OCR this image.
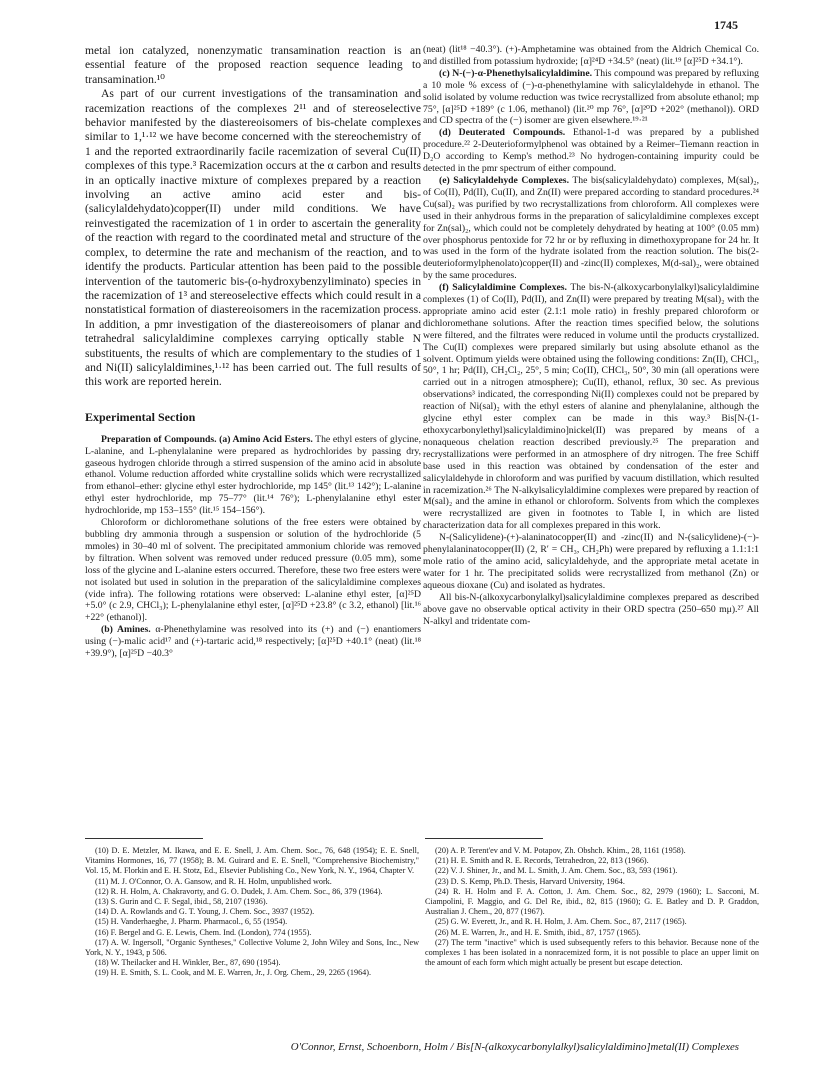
1745

metal ion catalyzed, nonenzymatic transamination reaction is an essential feature of the proposed reaction sequence leading to transamination.¹⁰

As part of our current investigations of the transamination and racemization reactions of the complexes 2¹¹ and of stereoselective behavior manifested by the diastereoisomers of bis-chelate complexes similar to 1,¹·¹² we have become concerned with the stereochemistry of 1 and the reported extraordinarily facile racemization of several Cu(II) complexes of this type.³ Racemization occurs at the α carbon and results in an optically inactive mixture of complexes prepared by a reaction involving an active amino acid ester and bis-(salicylaldehydato)copper(II) under mild conditions. We have reinvestigated the racemization of 1 in order to ascertain the generality of the reaction with regard to the coordinated metal and structure of the complex, to determine the rate and mechanism of the reaction, and to identify the products. Particular attention has been paid to the possible intervention of the tautomeric bis-(o-hydroxybenzyliminato) species in the racemization of 1³ and stereoselective effects which could result in a nonstatistical formation of diastereoisomers in the racemization process. In addition, a pmr investigation of the diastereoisomers of planar and tetrahedral salicylaldimine complexes carrying optically stable N substituents, the results of which are complementary to the studies of 1 and Ni(II) salicylaldimines,¹·¹² has been carried out. The full results of this work are reported herein.

Experimental Section

Preparation of Compounds. (a) Amino Acid Esters. The ethyl esters of glycine, L-alanine, and L-phenylalanine were prepared as hydrochlorides by passing dry, gaseous hydrogen chloride through a stirred suspension of the amino acid in absolute ethanol. Volume reduction afforded white crystalline solids which were recrystallized from ethanol–ether: glycine ethyl ester hydrochloride, mp 145° (lit.¹³ 142°); L-alanine ethyl ester hydrochloride, mp 75–77° (lit.¹⁴ 76°); L-phenylalanine ethyl ester hydrochloride, mp 153–155° (lit.¹⁵ 154–156°).

Chloroform or dichloromethane solutions of the free esters were obtained by bubbling dry ammonia through a suspension or solution of the hydrochloride (5 mmoles) in 30–40 ml of solvent. The precipitated ammonium chloride was removed by filtration. When solvent was removed under reduced pressure (0.05 mm), some loss of the glycine and L-alanine esters occurred. Therefore, these two free esters were not isolated but used in solution in the preparation of the salicylaldimine complexes (vide infra). The following rotations were observed: L-alanine ethyl ester, [α]²⁵D +5.0° (c 2.9, CHCl₃); L-phenylalanine ethyl ester, [α]²⁵D +23.8° (c 3.2, ethanol) [lit.¹⁶ +22° (ethanol)].

(b) Amines. α-Phenethylamine was resolved into its (+) and (−) enantiomers using (−)-malic acid¹⁷ and (+)-tartaric acid,¹⁸ respectively; [α]²⁵D +40.1° (neat) (lit.¹⁸ +39.9°), [α]²⁵D −40.3°

(neat) (lit¹⁸ −40.3°). (+)-Amphetamine was obtained from the Aldrich Chemical Co. and distilled from potassium hydroxide; [α]²⁴D +34.5° (neat) (lit.¹⁹ [α]²⁵D +34.1°).

(c) N-(−)-α-Phenethylsalicylaldimine. This compound was prepared by refluxing a 10 mole % excess of (−)-α-phenethylamine with salicylaldehyde in ethanol. The solid isolated by volume reduction was twice recrystallized from absolute ethanol; mp 75°, [α]²⁵D +189° (c 1.06, methanol) (lit.²⁰ mp 76°, [α]²⁰D +202° (methanol)). ORD and CD spectra of the (−) isomer are given elsewhere.¹⁹·²¹

(d) Deuterated Compounds. Ethanol-1-d was prepared by a published procedure.²² 2-Deuterioformylphenol was obtained by a Reimer–Tiemann reaction in D₂O according to Kemp's method.²³ No hydrogen-containing impurity could be detected in the pmr spectrum of either compound.

(e) Salicylaldehyde Complexes. The bis(salicylaldehydato) complexes, M(sal)₂, of Co(II), Pd(II), Cu(II), and Zn(II) were prepared according to standard procedures.²⁴ Cu(sal)₂ was purified by two recrystallizations from chloroform. All complexes were used in their anhydrous forms in the preparation of salicylaldimine complexes except for Zn(sal)₂, which could not be completely dehydrated by heating at 100° (0.05 mm) over phosphorus pentoxide for 72 hr or by refluxing in dimethoxypropane for 24 hr. It was used in the form of the hydrate isolated from the reaction solution. The bis(2-deuterioformylphenolato)copper(II) and -zinc(II) complexes, M(d-sal)₂, were obtained by the same procedures.

(f) Salicylaldimine Complexes. The bis-N-(alkoxycarbonylalkyl)salicylaldimine complexes (1) of Co(II), Pd(II), and Zn(II) were prepared by treating M(sal)₂ with the appropriate amino acid ester (2.1:1 mole ratio) in freshly prepared chloroform or dichloromethane solutions. After the reaction times specified below, the solutions were filtered, and the filtrates were reduced in volume until the products crystallized. The Cu(II) complexes were prepared similarly but using absolute ethanol as the solvent. Optimum yields were obtained using the following conditions: Zn(II), CHCl₃, 50°, 1 hr; Pd(II), CH₂Cl₂, 25°, 5 min; Co(II), CHCl₃, 50°, 30 min (all operations were carried out in a nitrogen atmosphere); Cu(II), ethanol, reflux, 30 sec. As previous observations³ indicated, the corresponding Ni(II) complexes could not be prepared by reaction of Ni(sal)₂ with the ethyl esters of alanine and phenylalanine, although the glycine ethyl ester complex can be made in this way.³ Bis[N-(1-ethoxycarbonylethyl)salicylaldimino]nickel(II) was prepared by means of a nonaqueous chelation reaction described previously.²⁵ The preparation and recrystallizations were performed in an atmosphere of dry nitrogen. The free Schiff base used in this reaction was obtained by condensation of the ester and salicylaldehyde in chloroform and was purified by vacuum distillation, which resulted in racemization.²⁶ The N-alkylsalicylaldimine complexes were prepared by reaction of M(sal)₂ and the amine in ethanol or chloroform. Solvents from which the complexes were recrystallized are given in footnotes to Table I, in which are listed characterization data for all complexes prepared in this work.

N-(Salicylidene)-(+)-alaninatocopper(II) and -zinc(II) and N-(salicylidene)-(−)-phenylalaninatocopper(II) (2, R′ = CH₃, CH₂Ph) were prepared by refluxing a 1.1:1:1 mole ratio of the amino acid, salicylaldehyde, and the appropriate metal acetate in water for 1 hr. The precipitated solids were recrystallized from methanol (Zn) or aqueous dioxane (Cu) and isolated as hydrates.

All bis-N-(alkoxycarbonylalkyl)salicylaldimine complexes prepared as described above gave no observable optical activity in their ORD spectra (250–650 mμ).²⁷ All N-alkyl and tridentate com-

(10) D. E. Metzler, M. Ikawa, and E. E. Snell, J. Am. Chem. Soc., 76, 648 (1954); E. E. Snell, Vitamins Hormones, 16, 77 (1958); B. M. Guirard and E. E. Snell, "Comprehensive Biochemistry," Vol. 15, M. Florkin and E. H. Stotz, Ed., Elsevier Publishing Co., New York, N. Y., 1964, Chapter V.

(11) M. J. O'Connor, O. A. Gansow, and R. H. Holm, unpublished work.

(12) R. H. Holm, A. Chakravorty, and G. O. Dudek, J. Am. Chem. Soc., 86, 379 (1964).

(13) S. Gurin and C. F. Segal, ibid., 58, 2107 (1936).

(14) D. A. Rowlands and G. T. Young, J. Chem. Soc., 3937 (1952).

(15) H. Vanderhaeghe, J. Pharm. Pharmacol., 6, 55 (1954).

(16) F. Bergel and G. E. Lewis, Chem. Ind. (London), 774 (1955).

(17) A. W. Ingersoll, "Organic Syntheses," Collective Volume 2, John Wiley and Sons, Inc., New York, N. Y., 1943, p 506.

(18) W. Theilacker and H. Winkler, Ber., 87, 690 (1954).

(19) H. E. Smith, S. L. Cook, and M. E. Warren, Jr., J. Org. Chem., 29, 2265 (1964).

(20) A. P. Terent'ev and V. M. Potapov, Zh. Obshch. Khim., 28, 1161 (1958).

(21) H. E. Smith and R. E. Records, Tetrahedron, 22, 813 (1966).

(22) V. J. Shiner, Jr., and M. L. Smith, J. Am. Chem. Soc., 83, 593 (1961).

(23) D. S. Kemp, Ph.D. Thesis, Harvard University, 1964.

(24) R. H. Holm and F. A. Cotton, J. Am. Chem. Soc., 82, 2979 (1960); L. Sacconi, M. Ciampolini, F. Maggio, and G. Del Re, ibid., 82, 815 (1960); G. E. Batley and D. P. Graddon, Australian J. Chem., 20, 877 (1967).

(25) G. W. Everett, Jr., and R. H. Holm, J. Am. Chem. Soc., 87, 2117 (1965).

(26) M. E. Warren, Jr., and H. E. Smith, ibid., 87, 1757 (1965).

(27) The term "inactive" which is used subsequently refers to this behavior. Because none of the complexes 1 has been isolated in a nonracemized form, it is not possible to place an upper limit on the amount of each form which might actually be present but escape detection.

O'Connor, Ernst, Schoenborn, Holm / Bis[N-(alkoxycarbonylalkyl)salicylaldimino]metal(II) Complexes
